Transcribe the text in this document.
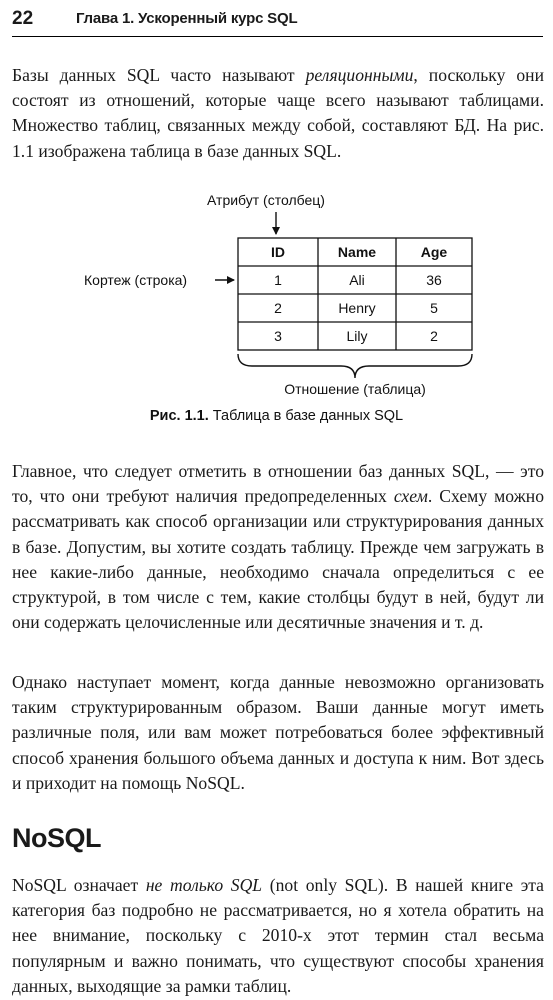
22	Глава 1. Ускоренный курс SQL

Базы данных SQL часто называют реляционными, поскольку они состоят из отношений, которые чаще всего называют таблицами. Множество таблиц, связанных между собой, составляют БД. На рис. 1.1 изображена таблица в базе данных SQL.

Атрибут (столбец)
Кортеж (строка)
ID	Name	Age
1	Ali	36
2	Henry	5
3	Lily	2
Отношение (таблица)
Рис. 1.1. Таблица в базе данных SQL

Главное, что следует отметить в отношении баз данных SQL, — это то, что они требуют наличия предопределенных схем. Схему можно рассматривать как способ организации или структурирования данных в базе. Допустим, вы хотите создать таблицу. Прежде чем загружать в нее какие-либо данные, необходимо сначала определиться с ее структурой, в том числе с тем, какие столбцы будут в ней, будут ли они содержать целочисленные или десятичные значения и т. д.

Однако наступает момент, когда данные невозможно организовать таким структурированным образом. Ваши данные могут иметь различные поля, или вам может потребоваться более эффективный способ хранения большого объема данных и доступа к ним. Вот здесь и приходит на помощь NoSQL.

NoSQL

NoSQL означает не только SQL (not only SQL). В нашей книге эта категория баз подробно не рассматривается, но я хотела обратить на нее внимание, поскольку с 2010-х этот термин стал весьма популярным и важно понимать, что существуют способы хранения данных, выходящие за рамки таблиц.
